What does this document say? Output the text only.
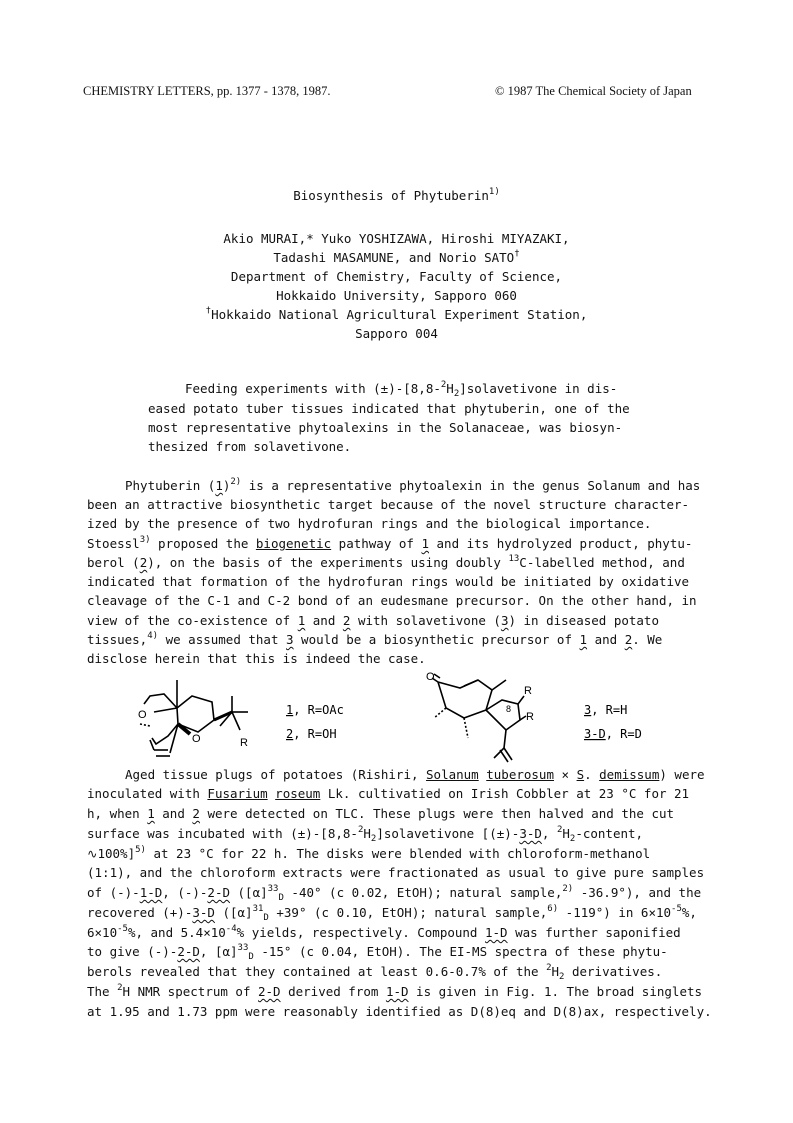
CHEMISTRY LETTERS, pp. 1377 - 1378, 1987.	© 1987 The Chemical Society of Japan
Biosynthesis of Phytuberin$^{1)}$
Akio MURAI,* Yuko YOSHIZAWA, Hiroshi MIYAZAKI,
Tadashi MASAMUNE, and Norio SATO†
Department of Chemistry, Faculty of Science,
Hokkaido University, Sapporo 060
†Hokkaido National Agricultural Experiment Station,
Sapporo 004
Feeding experiments with $(\pm)-[8,8-^2H_2]solavetivone$ in dis-
eased potato tuber tissues indicated that phytuberin, one of the
most representative phytoalexins in the Solanaceae, was biosyn-
thesized from solavetivone.
Phytuberin $(1)^{2)}$ is a representative phytoalexin in the genus Solanum and has
been an attractive biosynthetic target because of the novel structure character-
ized by the presence of two hydrofuran rings and the biological importance.
Stoessl$^{3)}$ proposed the biogenetic pathway of 1 and its hydrolyzed product, phytu-
berol (2), on the basis of the experiments using doubly $^{13}$C-labelled method, and
indicated that formation of the hydrofuran rings would be initiated by oxidative
cleavage of the C-1 and C-2 bond of an eudesmane precursor. On the other hand, in
view of the co-existence of 1 and 2 with solavetivone (3) in diseased potato
tissues,$^{4)}$ we assumed that 3 would be a biosynthetic precursor of 1 and 2. We
disclose herein that this is indeed the case.
O
O	R
1, R=OAc
2, R=OH
O
R
R
8	3, R=H
3-D, R=D
Aged tissue plugs of potatoes (Rishiri, Solanum tuberosum × S. demissum) were
inoculated with Fusarium roseum Lk. cultivatied on Irish Cobbler at 23 °C for 21
h, when 1 and 2 were detected on TLC. These plugs were then halved and the cut
surface was incubated with $(\pm)-[8,8-^2H_2]solavetivone$ [(±)-3-D, $^2H_2$-content,
∿100%]$^{5)}$ at 23 °C for 22 h. The disks were blended with chloroform-methanol
(1:1), and the chloroform extracts were fractionated as usual to give pure samples
of (-)-1-D, (-)-2-D ($[\alpha]^{33}_D$ -40° (c 0.02, EtOH); natural sample,$^{2)}$ -36.9°), and the
recovered (+)-3-D ($[\alpha]^{31}_D +39^\circ$ (c 0.10, EtOH); natural sample,$^{6)}$ -119°) in $6\times 10^{-5}\%$,
$6\times 10^{-5}\%$, and $5.4\times 10^{-4}\%$ yields, respectively. Compound 1-D was further saponified
to give (-)-2-D, $[\alpha]^{33}_D$ -15° (c 0.04, EtOH). The EI-MS spectra of these phytu-
berols revealed that they contained at least 0.6-0.7% of the $^2H_2$ derivatives.
The $^2$H NMR spectrum of 2-D derived from 1-D is given in Fig. 1. The broad singlets
at 1.95 and 1.73 ppm were reasonably identified as D(8)eq and D(8)ax, respectively.
